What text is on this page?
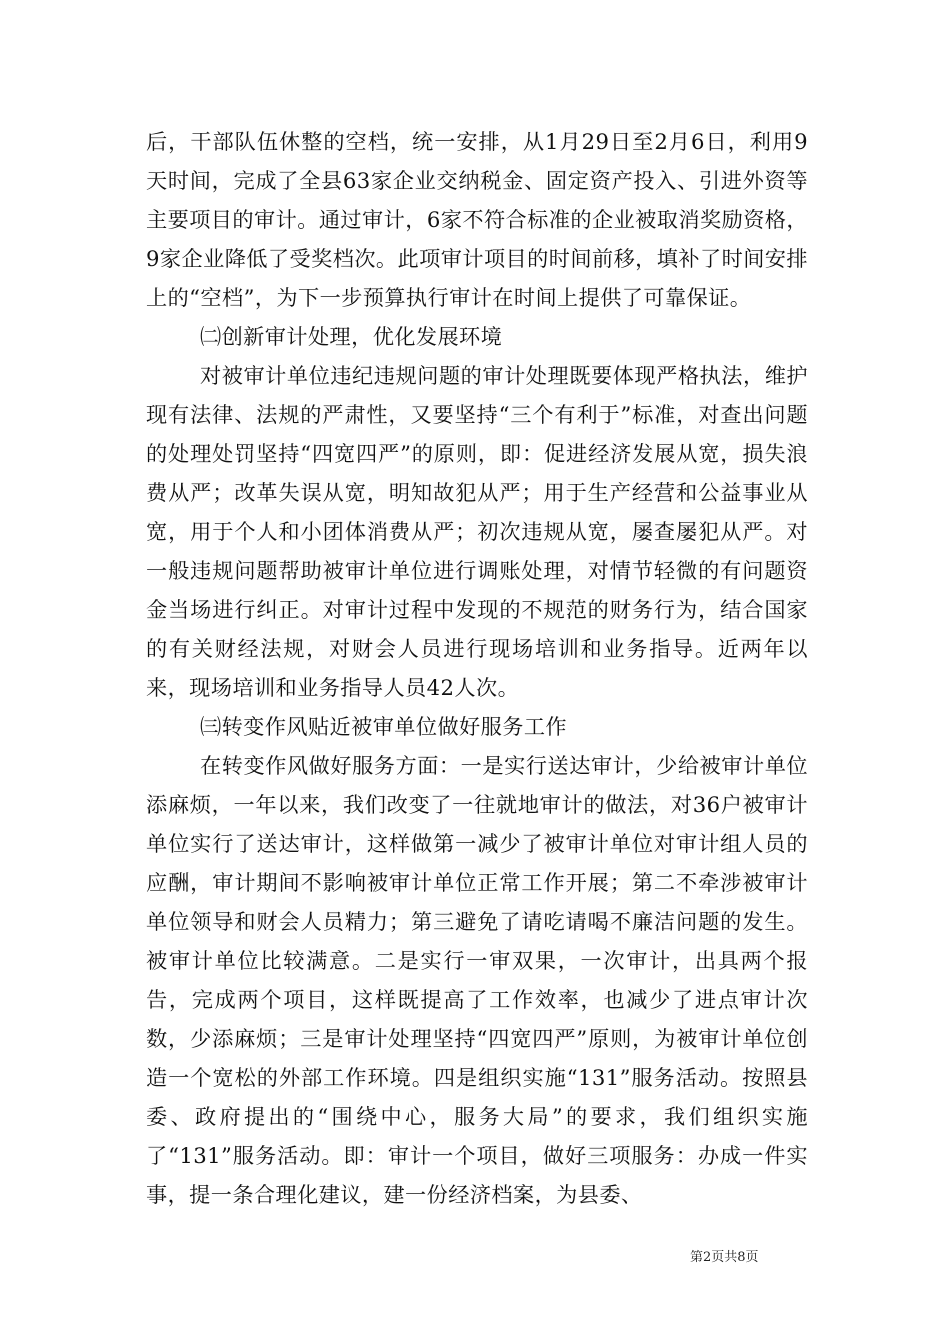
后，干部队伍休整的空档，统一安排，从1月29日至2月6日，利用9天时间，完成了全县63家企业交纳税金、固定资产投入、引进外资等主要项目的审计。通过审计，6家不符合标准的企业被取消奖励资格，9家企业降低了受奖档次。此项审计项目的时间前移，填补了时间安排上的“空档”，为下一步预算执行审计在时间上提供了可靠保证。

㈡创新审计处理，优化发展环境

对被审计单位违纪违规问题的审计处理既要体现严格执法，维护现有法律、法规的严肃性，又要坚持“三个有利于”标准，对查出问题的处理处罚坚持“四宽四严”的原则，即：促进经济发展从宽，损失浪费从严；改革失误从宽，明知故犯从严；用于生产经营和公益事业从宽，用于个人和小团体消费从严；初次违规从宽，屡查屡犯从严。对一般违规问题帮助被审计单位进行调账处理，对情节轻微的有问题资金当场进行纠正。对审计过程中发现的不规范的财务行为，结合国家的有关财经法规，对财会人员进行现场培训和业务指导。近两年以来，现场培训和业务指导人员42人次。

㈢转变作风贴近被审单位做好服务工作

在转变作风做好服务方面：一是实行送达审计，少给被审计单位添麻烦，一年以来，我们改变了一往就地审计的做法，对36户被审计单位实行了送达审计，这样做第一减少了被审计单位对审计组人员的应酬，审计期间不影响被审计单位正常工作开展；第二不牵涉被审计单位领导和财会人员精力；第三避免了请吃请喝不廉洁问题的发生。被审计单位比较满意。二是实行一审双果，一次审计，出具两个报告，完成两个项目，这样既提高了工作效率，也减少了进点审计次数，少添麻烦；三是审计处理坚持“四宽四严”原则，为被审计单位创造一个宽松的外部工作环境。四是组织实施“131”服务活动。按照县委、政府提出的“围绕中心，服务大局”的要求，我们组织实施了“131”服务活动。即：审计一个项目，做好三项服务：办成一件实事，提一条合理化建议，建一份经济档案，为县委、

第2页共8页
